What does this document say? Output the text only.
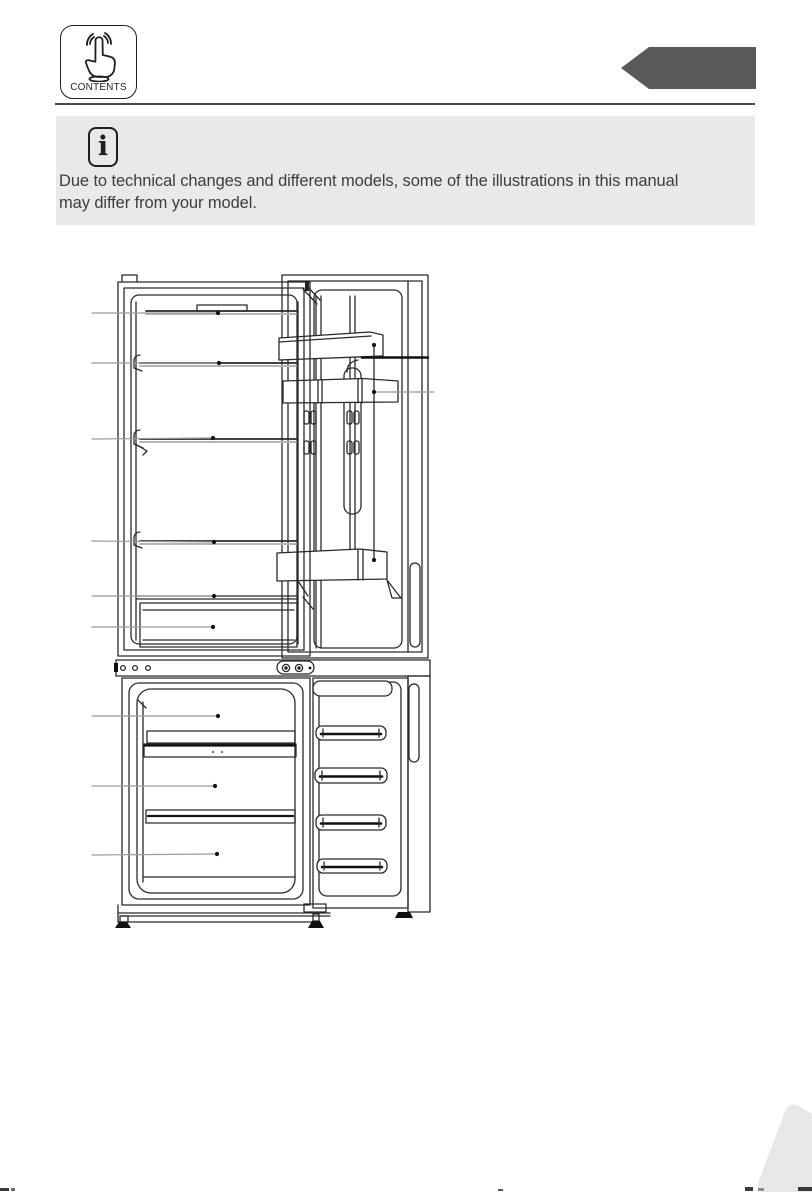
CONTENTS
i
Due to technical changes and different models, some of the illustrations in this manual
may differ from your model.
